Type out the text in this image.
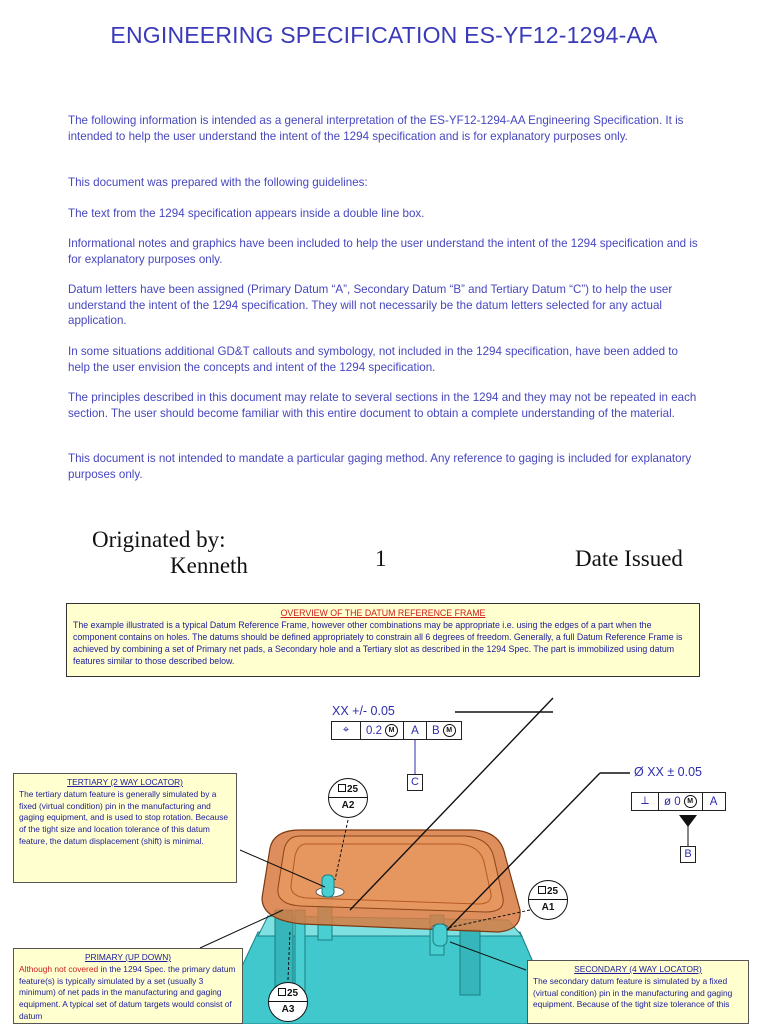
ENGINEERING SPECIFICATION ES-YF12-1294-AA

The following information is intended as a general interpretation of the ES-YF12-1294-AA Engineering Specification. It is intended to help the user understand the intent of the 1294 specification and is for explanatory purposes only.

This document was prepared with the following guidelines:

The text from the 1294 specification appears inside a double line box.

Informational notes and graphics have been included to help the user understand the intent of the 1294 specification and is for explanatory purposes only.

Datum letters have been assigned (Primary Datum “A”, Secondary Datum “B” and Tertiary Datum “C”) to help the user understand the intent of the 1294 specification. They will not necessarily be the datum letters selected for any actual application.

In some situations additional GD&T callouts and symbology, not included in the 1294 specification, have been added to help the user envision the concepts and intent of the 1294 specification.

The principles described in this document may relate to several sections in the 1294 and they may not be repeated in each section. The user should become familiar with this entire document to obtain a complete understanding of the material.

This document is not intended to mandate a particular gaging method. Any reference to gaging is included for explanatory purposes only.

Originated by:
Kenneth	1	Date Issued
OVERVIEW OF THE DATUM REFERENCE FRAME
The example illustrated is a typical Datum Reference Frame, however other combinations may be appropriate i.e. using the edges of a part when the component contains on holes. The datums should be defined appropriately to constrain all 6 degrees of freedom. Generally, a full Datum Reference Frame is achieved by combining a set of Primary net pads, a Secondary hole and a Tertiary slot as described in the 1294 Spec. The part is immobilized using datum features similar to those described below.
XX +/- 0.05
⌖	0.2 M	A	B M
C
Ø XX ± 0.05
⟂	ø 0 M	A
B
25
A2
25
A1
25
A3
TERTIARY (2 WAY LOCATOR)
The tertiary datum feature is generally simulated by a fixed (virtual condition) pin in the manufacturing and gaging equipment, and is used to stop rotation. Because of the tight size and location tolerance of this datum feature, the datum displacement (shift) is minimal.
PRIMARY (UP DOWN)
Although not covered in the 1294 Spec. the primary datum feature(s) is typically simulated by a set (usually 3 minimum) of net pads in the manufacturing and gaging equipment. A typical set of datum targets would consist of datum
SECONDARY (4 WAY LOCATOR)
The secondary datum feature is simulated by a fixed (virtual condition) pin in the manufacturing and gaging equipment. Because of the tight size tolerance of this
